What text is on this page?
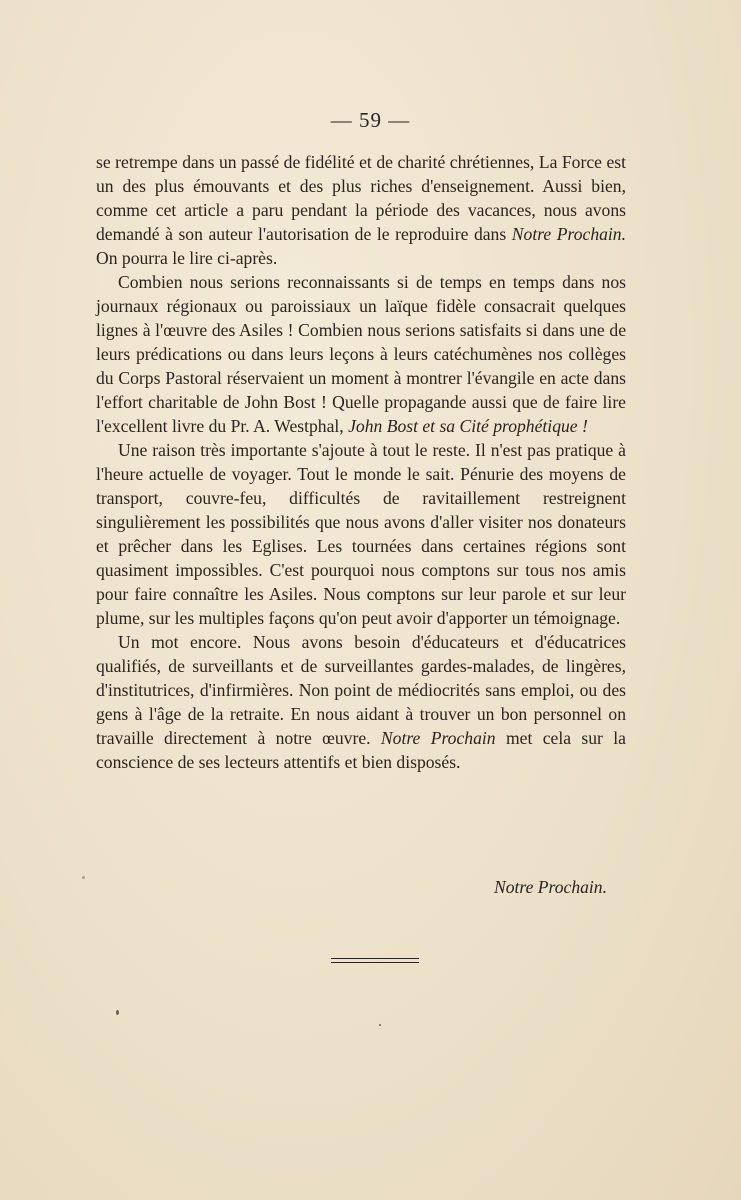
— 59 —

se retrempe dans un passé de fidélité et de charité chrétiennes, La Force est un des plus émouvants et des plus riches d'enseignement. Aussi bien, comme cet article a paru pendant la période des vacances, nous avons demandé à son auteur l'autorisation de le reproduire dans Notre Prochain. On pourra le lire ci-après.

Combien nous serions reconnaissants si de temps en temps dans nos journaux régionaux ou paroissiaux un laïque fidèle consacrait quelques lignes à l'œuvre des Asiles ! Combien nous serions satisfaits si dans une de leurs prédications ou dans leurs leçons à leurs catéchumènes nos collèges du Corps Pastoral réservaient un moment à montrer l'évangile en acte dans l'effort charitable de John Bost ! Quelle propagande aussi que de faire lire l'excellent livre du Pr. A. Westphal, John Bost et sa Cité prophétique !

Une raison très importante s'ajoute à tout le reste. Il n'est pas pratique à l'heure actuelle de voyager. Tout le monde le sait. Pénurie des moyens de transport, couvre-feu, difficultés de ravitaillement restreignent singulièrement les possibilités que nous avons d'aller visiter nos donateurs et prêcher dans les Eglises. Les tournées dans certaines régions sont quasiment impossibles. C'est pourquoi nous comptons sur tous nos amis pour faire connaître les Asiles. Nous comptons sur leur parole et sur leur plume, sur les multiples façons qu'on peut avoir d'apporter un témoignage.

Un mot encore. Nous avons besoin d'éducateurs et d'éducatrices qualifiés, de surveillants et de surveillantes gardes-malades, de lingères, d'institutrices, d'infirmières. Non point de médiocrités sans emploi, ou des gens à l'âge de la retraite. En nous aidant à trouver un bon personnel on travaille directement à notre œuvre. Notre Prochain met cela sur la conscience de ses lecteurs attentifs et bien disposés.

Notre Prochain.
